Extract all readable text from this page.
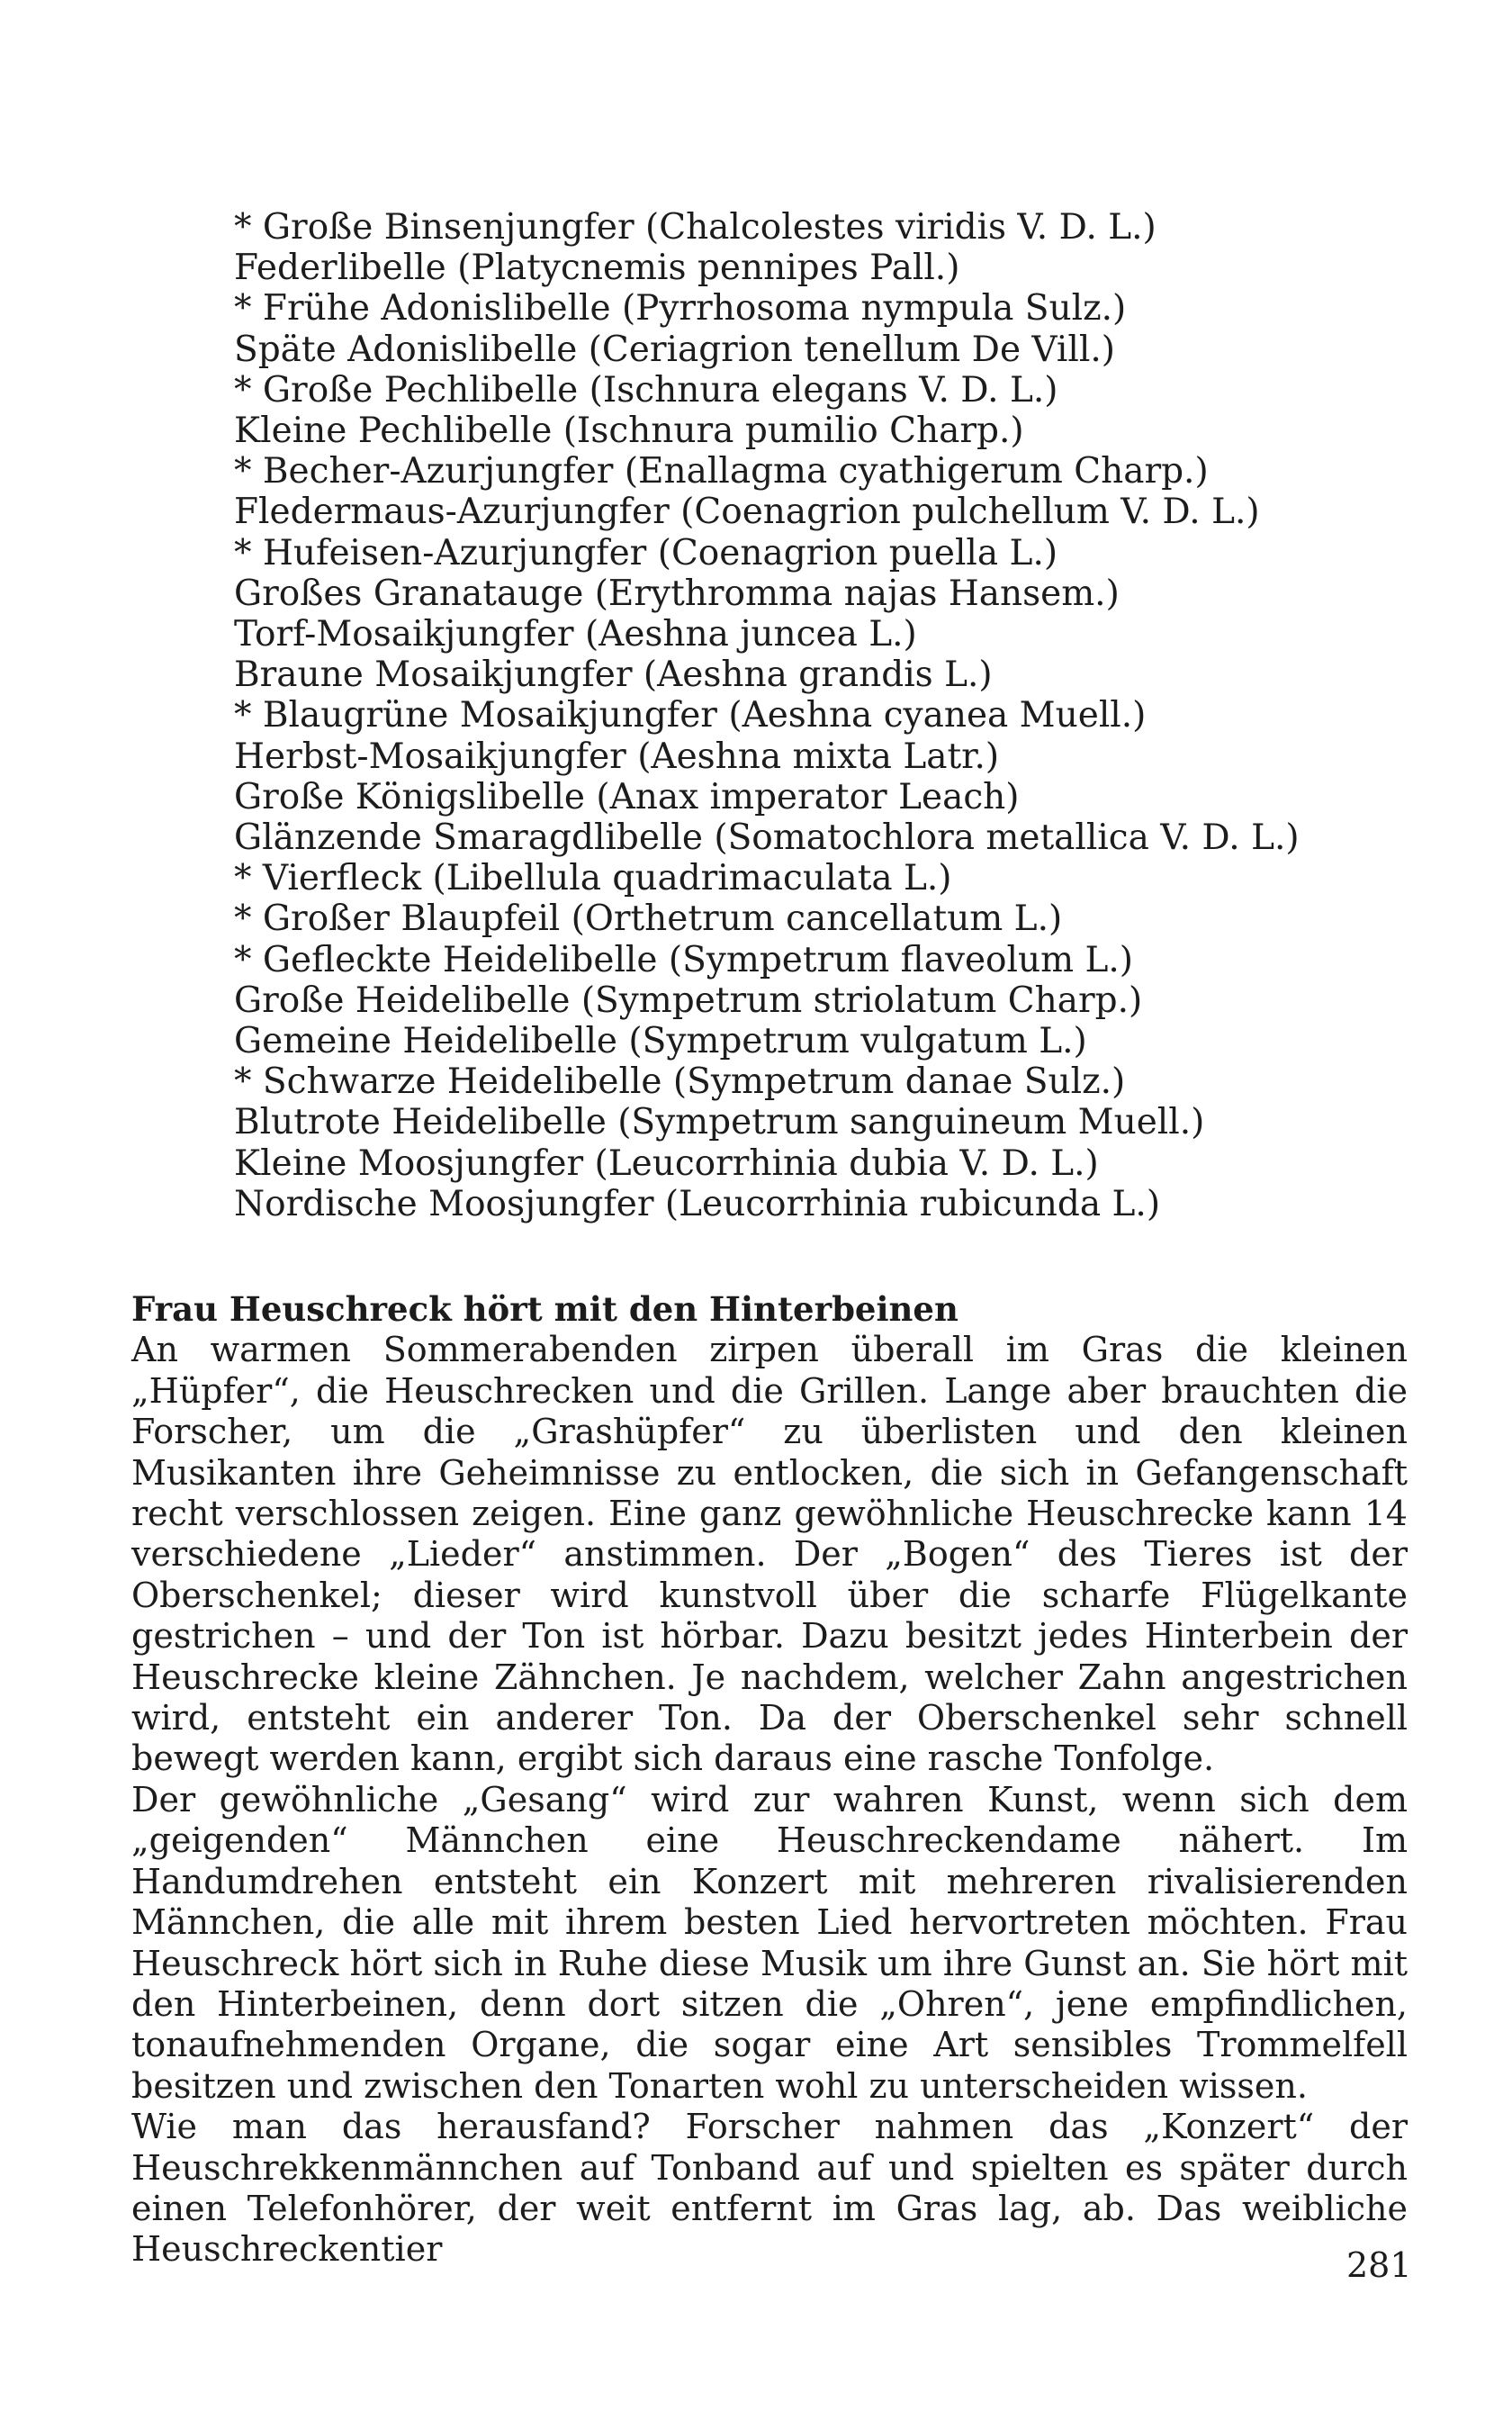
* Große Binsenjungfer (Chalcolestes viridis V. D. L.)
Federlibelle (Platycnemis pennipes Pall.)
* Frühe Adonislibelle (Pyrrhosoma nympula Sulz.)
Späte Adonislibelle (Ceriagrion tenellum De Vill.)
* Große Pechlibelle (Ischnura elegans V. D. L.)
Kleine Pechlibelle (Ischnura pumilio Charp.)
* Becher-Azurjungfer (Enallagma cyathigerum Charp.)
Fledermaus-Azurjungfer (Coenagrion pulchellum V. D. L.)
* Hufeisen-Azurjungfer (Coenagrion puella L.)
Großes Granatauge (Erythromma najas Hansem.)
Torf-Mosaikjungfer (Aeshna juncea L.)
Braune Mosaikjungfer (Aeshna grandis L.)
* Blaugrüne Mosaikjungfer (Aeshna cyanea Muell.)
Herbst-Mosaikjungfer (Aeshna mixta Latr.)
Große Königslibelle (Anax imperator Leach)
Glänzende Smaragdlibelle (Somatochlora metallica V. D. L.)
* Vierfleck (Libellula quadrimaculata L.)
* Großer Blaupfeil (Orthetrum cancellatum L.)
* Gefleckte Heidelibelle (Sympetrum flaveolum L.)
Große Heidelibelle (Sympetrum striolatum Charp.)
Gemeine Heidelibelle (Sympetrum vulgatum L.)
* Schwarze Heidelibelle (Sympetrum danae Sulz.)
Blutrote Heidelibelle (Sympetrum sanguineum Muell.)
Kleine Moosjungfer (Leucorrhinia dubia V. D. L.)
Nordische Moosjungfer (Leucorrhinia rubicunda L.)
Frau Heuschreck hört mit den Hinterbeinen

An warmen Sommerabenden zirpen überall im Gras die kleinen „Hüpfer“, die Heuschrecken und die Grillen. Lange aber brauchten die Forscher, um die „Grashüpfer“ zu überlisten und den kleinen Musikanten ihre Geheimnisse zu entlocken, die sich in Gefangenschaft recht verschlossen zeigen. Eine ganz gewöhnliche Heuschrecke kann 14 verschiedene „Lieder“ anstimmen. Der „Bogen“ des Tieres ist der Oberschenkel; dieser wird kunstvoll über die scharfe Flügelkante gestrichen – und der Ton ist hörbar. Dazu besitzt jedes Hinterbein der Heuschrecke kleine Zähnchen. Je nachdem, welcher Zahn angestrichen wird, entsteht ein anderer Ton. Da der Oberschenkel sehr schnell bewegt werden kann, ergibt sich daraus eine rasche Tonfolge.

Der gewöhnliche „Gesang“ wird zur wahren Kunst, wenn sich dem „geigenden“ Männchen eine Heuschreckendame nähert. Im Handumdrehen entsteht ein Konzert mit mehreren rivalisierenden Männchen, die alle mit ihrem besten Lied hervortreten möchten. Frau Heuschreck hört sich in Ruhe diese Musik um ihre Gunst an. Sie hört mit den Hinterbeinen, denn dort sitzen die „Ohren“, jene empfindlichen, tonaufnehmenden Organe, die sogar eine Art sensibles Trommelfell besitzen und zwischen den Tonarten wohl zu unterscheiden wissen.

Wie man das herausfand? Forscher nahmen das „Konzert“ der Heuschrekkenmännchen auf Tonband auf und spielten es später durch einen Telefonhörer, der weit entfernt im Gras lag, ab. Das weibliche Heuschreckentier	281
